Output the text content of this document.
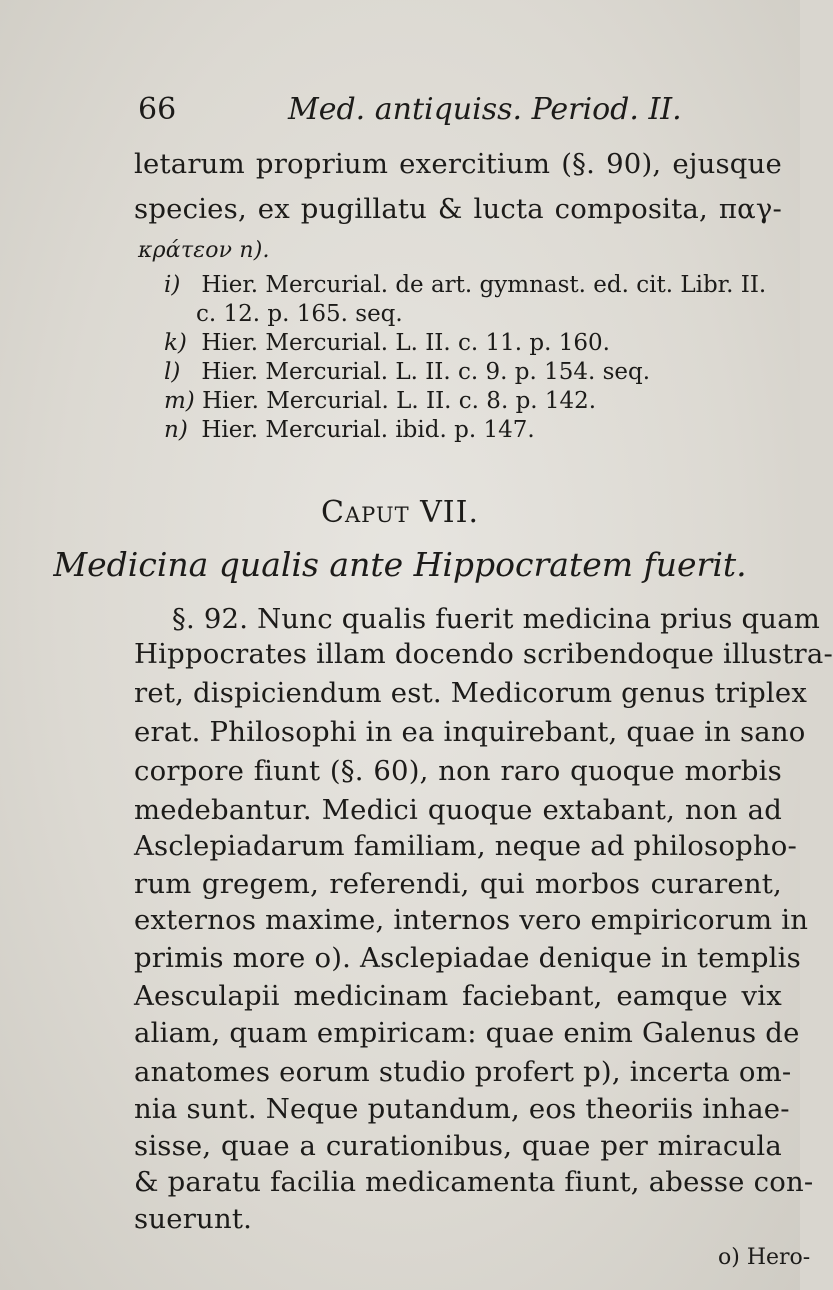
66	Med. antiquiss. Period. II.
letarum proprium exercitium (§. 90), ejusque
species, ex pugillatu & lucta composita, παγ-
κράτεον n).
i) Hier. Mercurial. de art. gymnast. ed. cit. Libr. II.
c. 12. p. 165. seq.
k) Hier. Mercurial. L. II. c. 11. p. 160.
l) Hier. Mercurial. L. II. c. 9. p. 154. seq.
m) Hier. Mercurial. L. II. c. 8. p. 142.
n) Hier. Mercurial. ibid. p. 147.
Caput VII.
Medicina qualis ante Hippocratem fuerit.
§. 92. Nunc qualis fuerit medicina prius quam
Hippocrates illam docendo scribendoque illustra-
ret, dispiciendum est. Medicorum genus triplex
erat. Philosophi in ea inquirebant, quae in sano
corpore fiunt (§. 60), non raro quoque morbis
medebantur. Medici quoque extabant, non ad
Asclepiadarum familiam, neque ad philosopho-
rum gregem, referendi, qui morbos curarent,
externos maxime, internos vero empiricorum in
primis more o). Asclepiadae denique in templis
Aesculapii medicinam faciebant, eamque vix
aliam, quam empiricam: quae enim Galenus de
anatomes eorum studio profert p), incerta om-
nia sunt. Neque putandum, eos theoriis inhae-
sisse, quae a curationibus, quae per miracula
& paratu facilia medicamenta fiunt, abesse con-
suerunt.
o) Hero-
